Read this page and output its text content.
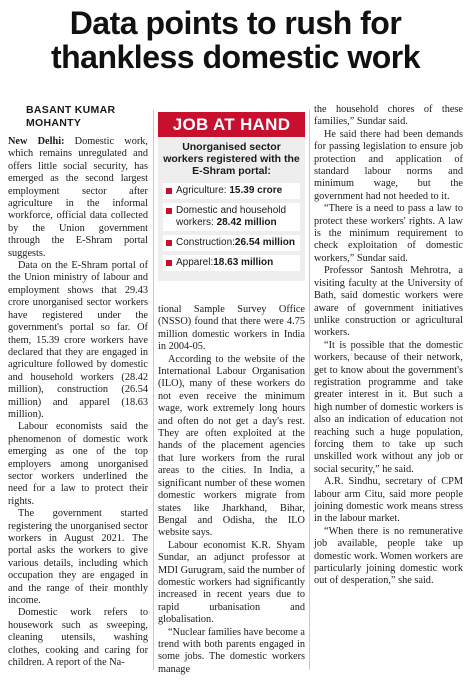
Data points to rush for
thankless domestic work
BASANT KUMAR
MOHANTY

New Delhi: Domestic work, which remains unregulated and offers little social security, has emerged as the second largest employment sector after agriculture in the informal workforce, official data collected by the Union government through the E-Shram portal suggests.

Data on the E-Shram portal of the Union ministry of labour and employment shows that 29.43 crore unorganised sector workers have registered under the government's portal so far. Of them, 15.39 crore workers have declared that they are engaged in agriculture followed by domestic and household workers (28.42 million), construction (26.54 million) and apparel (18.63 million).

Labour economists said the phenomenon of domestic work emerging as one of the top employers among unorganised sector workers underlined the need for a law to protect their rights.

The government started registering the unorganised sector workers in August 2021. The portal asks the workers to give various details, including which occupation they are engaged in and the range of their monthly income.

Domestic work refers to housework such as sweeping, cleaning utensils, washing clothes, cooking and caring for children. A report of the Na-

JOB AT HAND
Unorganised sector workers registered with the E-Shram portal:
Agriculture: 15.39 crore
Domestic and household workers: 28.42 million
Construction:26.54 million
Apparel:18.63 million

tional Sample Survey Office (NSSO) found that there were 4.75 million domestic workers in India in 2004-05.

According to the website of the International Labour Organisation (ILO), many of these workers do not even receive the minimum wage, work extremely long hours and often do not get a day's rest. They are often exploited at the hands of the placement agencies that lure workers from the rural areas to the cities. In India, a significant number of these women domestic workers migrate from states like Jharkhand, Bihar, Bengal and Odisha, the ILO website says.

Labour economist K.R. Shyam Sundar, an adjunct professor at MDI Gurugram, said the number of domestic workers had significantly increased in recent years due to rapid urbanisation and globalisation.

“Nuclear families have become a trend with both parents engaged in some jobs. The domestic workers manage

the household chores of these families,” Sundar said.

He said there had been demands for passing legislation to ensure job protection and application of standard labour norms and minimum wage, but the government had not heeded to it.

“There is a need to pass a law to protect these workers' rights. A law is the minimum requirement to check exploitation of domestic workers,” Sundar said.

Professor Santosh Mehrotra, a visiting faculty at the University of Bath, said domestic workers were aware of government initiatives unlike construction or agricultural workers.

“It is possible that the domestic workers, because of their network, get to know about the government's registration programme and take greater interest in it. But such a high number of domestic workers is also an indication of education not reaching such a huge population, forcing them to take up such unskilled work without any job or social security,” he said.

A.R. Sindhu, secretary of CPM labour arm Citu, said more people joining domestic work means stress in the labour market.

“When there is no remunerative job available, people take up domestic work. Women workers are particularly joining domestic work out of desperation,” she said.
